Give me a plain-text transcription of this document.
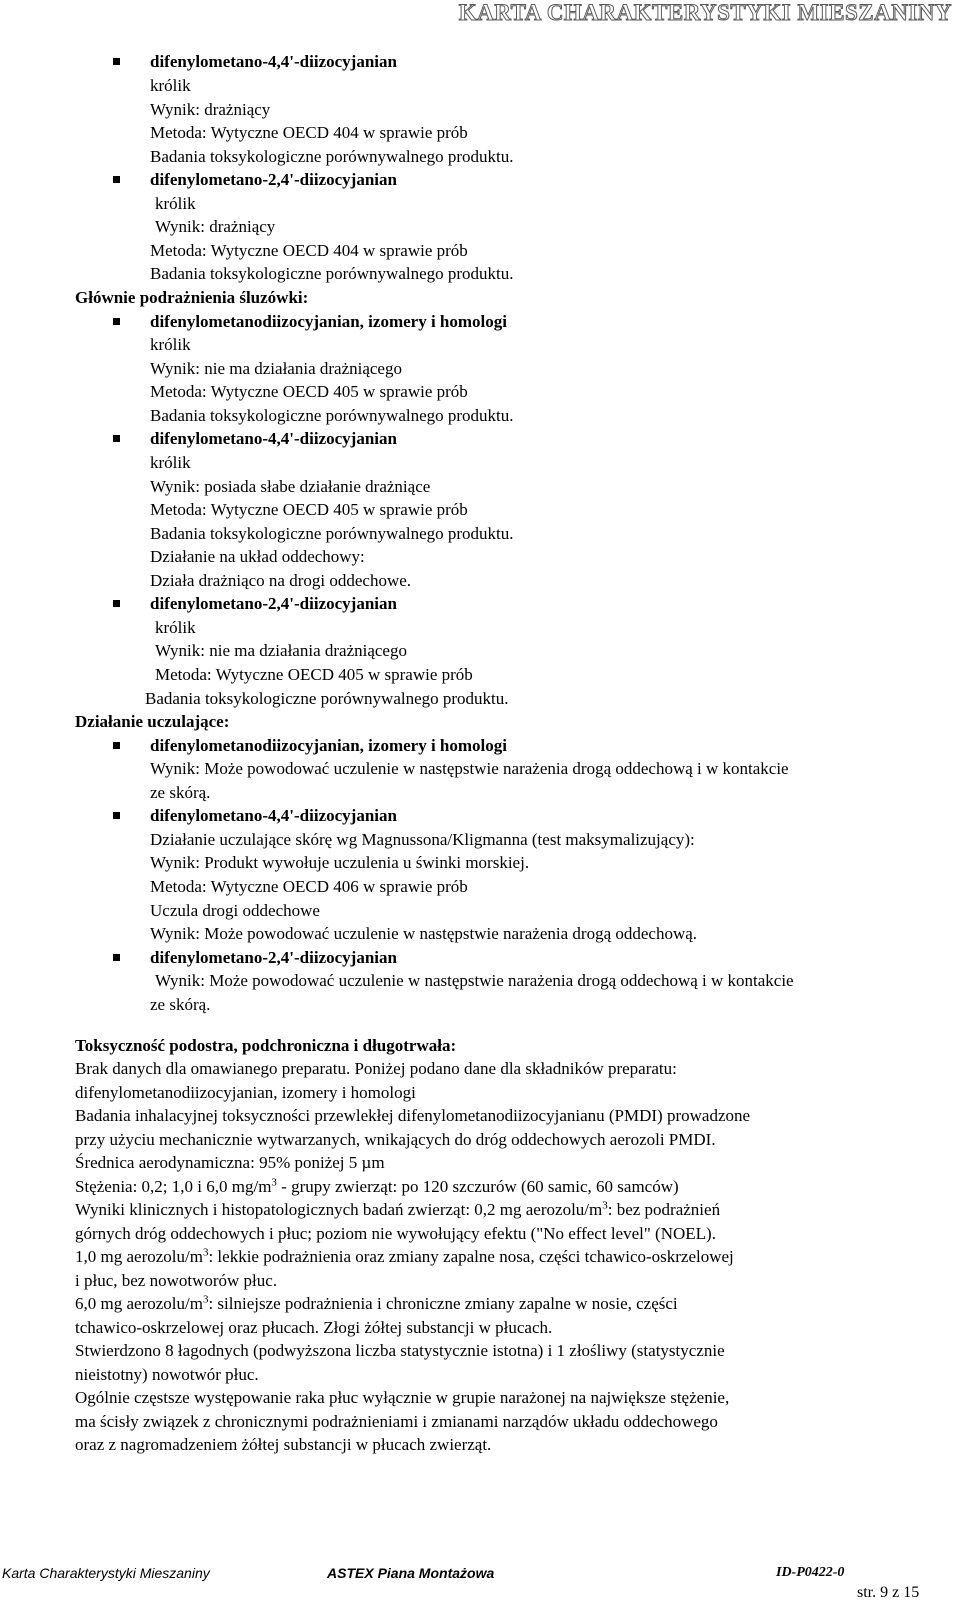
KARTA CHARAKTERYSTYKI MIESZANINY
difenylometano-4,4'-diizocyjanian
królik
Wynik: drażniący
Metoda: Wytyczne OECD 404 w sprawie prób
Badania toksykologiczne porównywalnego produktu.
difenylometano-2,4'-diizocyjanian
królik
Wynik: drażniący
Metoda: Wytyczne OECD 404 w sprawie prób
Badania toksykologiczne porównywalnego produktu.
Głównie podrażnienia śluzówki:
difenylometanodiizocyjanian, izomery i homologi
królik
Wynik: nie ma działania drażniącego
Metoda: Wytyczne OECD 405 w sprawie prób
Badania toksykologiczne porównywalnego produktu.
difenylometano-4,4'-diizocyjanian
królik
Wynik: posiada słabe działanie drażniące
Metoda: Wytyczne OECD 405 w sprawie prób
Badania toksykologiczne porównywalnego produktu.
Działanie na układ oddechowy:
Działa drażniąco na drogi oddechowe.
difenylometano-2,4'-diizocyjanian
królik
Wynik: nie ma działania drażniącego
Metoda: Wytyczne OECD 405 w sprawie prób
Badania toksykologiczne porównywalnego produktu.
Działanie uczulające:
difenylometanodiizocyjanian, izomery i homologi
Wynik: Może powodować uczulenie w następstwie narażenia drogą oddechową i w kontakcie
ze skórą.
difenylometano-4,4'-diizocyjanian
Działanie uczulające skórę wg Magnussona/Kligmanna (test maksymalizujący):
Wynik: Produkt wywołuje uczulenia u świnki morskiej.
Metoda: Wytyczne OECD 406 w sprawie prób
Uczula drogi oddechowe
Wynik: Może powodować uczulenie w następstwie narażenia drogą oddechową.
difenylometano-2,4'-diizocyjanian
Wynik: Może powodować uczulenie w następstwie narażenia drogą oddechową i w kontakcie
ze skórą.
Toksyczność podostra, podchroniczna i długotrwała:
Brak danych dla omawianego preparatu. Poniżej podano dane dla składników preparatu:
difenylometanodiizocyjanian, izomery i homologi
Badania inhalacyjnej toksyczności przewlekłej difenylometanodiizocyjanianu (PMDI) prowadzone
przy użyciu mechanicznie wytwarzanych, wnikających do dróg oddechowych aerozoli PMDI.
Średnica aerodynamiczna: 95% poniżej 5 µm
Stężenia: 0,2; 1,0 i 6,0 $mg/m^3$ - grupy zwierząt: po 120 szczurów (60 samic, 60 samców)
Wyniki klinicznych i histopatologicznych badań zwierząt: 0,2 mg aerozolu/$m^3$: bez podrażnień
górnych dróg oddechowych i płuc; poziom nie wywołujący efektu ("No effect level" (NOEL).
1,0 mg aerozolu/$m^3$: lekkie podrażnienia oraz zmiany zapalne nosa, części tchawico-oskrzelowej
i płuc, bez nowotworów płuc.
6,0 mg aerozolu/$m^3$: silniejsze podrażnienia i chroniczne zmiany zapalne w nosie, części
tchawico-oskrzelowej oraz płucach. Złogi żółtej substancji w płucach.
Stwierdzono 8 łagodnych (podwyższona liczba statystycznie istotna) i 1 złośliwy (statystycznie
nieistotny) nowotwór płuc.
Ogólnie częstsze występowanie raka płuc wyłącznie w grupie narażonej na największe stężenie,
ma ścisły związek z chronicznymi podrażnieniami i zmianami narządów układu oddechowego
oraz z nagromadzeniem żółtej substancji w płucach zwierząt.
Karta Charakterystyki Mieszaniny	ASTEX Piana Montażowa	ID-P0422-0
str. 9 z 15
